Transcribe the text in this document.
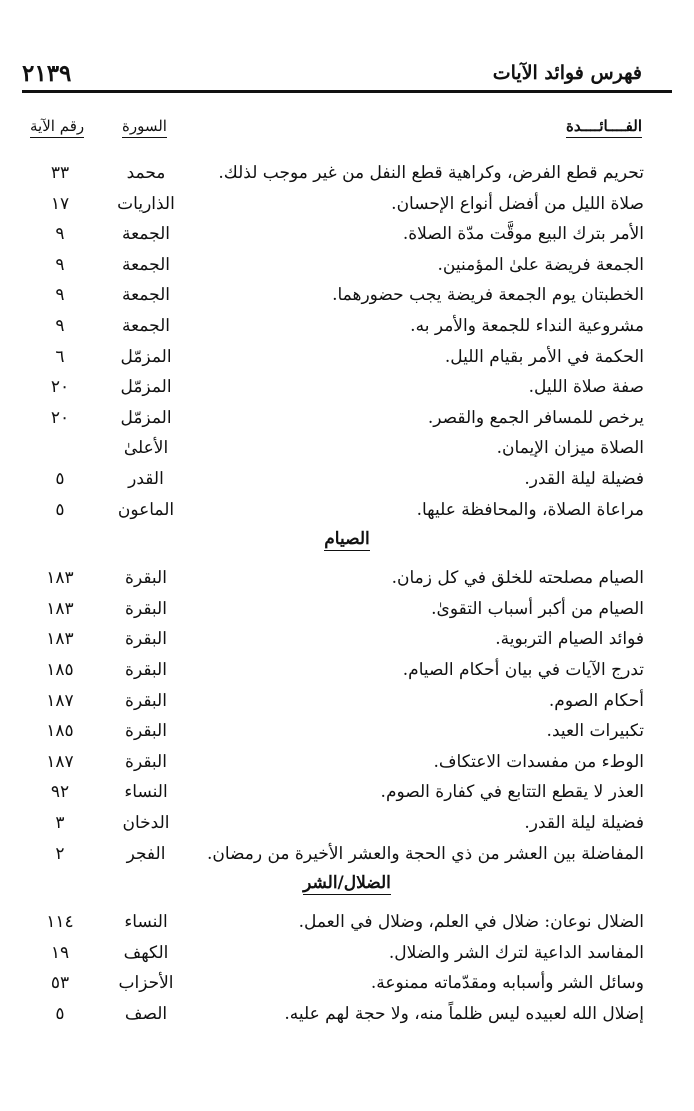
فهرس فوائد الآيات
٢١٣٩
الفــــائــــدة
السورة
رقم الآية
تحريم قطع الفرض، وكراهية قطع النفل من غير موجب لذلك.
محمد
٣٣
صلاة الليل من أفضل أنواع الإحسان.
الذاريات
١٧
الأمر بترك البيع موقَّت مدّة الصلاة.
الجمعة
٩
الجمعة فريضة علىٰ المؤمنين.
الجمعة
٩
الخطبتان يوم الجمعة فريضة يجب حضورهما.
الجمعة
٩
مشروعية النداء للجمعة والأمر به.
الجمعة
٩
الحكمة في الأمر بقيام الليل.
المزمّل
٦
صفة صلاة الليل.
المزمّل
٢٠
يرخص للمسافر الجمع والقصر.
المزمّل
٢٠
الصلاة ميزان الإيمان.
الأعلىٰ
فضيلة ليلة القدر.
القدر
٥
مراعاة الصلاة، والمحافظة عليها.
الماعون
٥
الصيام
الصيام مصلحته للخلق في كل زمان.
البقرة
١٨٣
الصيام من أكبر أسباب التقوىٰ.
البقرة
١٨٣
فوائد الصيام التربوية.
البقرة
١٨٣
تدرج الآيات في بيان أحكام الصيام.
البقرة
١٨٥
أحكام الصوم.
البقرة
١٨٧
تكبيرات العيد.
البقرة
١٨٥
الوطء من مفسدات الاعتكاف.
البقرة
١٨٧
العذر لا يقطع التتابع في كفارة الصوم.
النساء
٩٢
فضيلة ليلة القدر.
الدخان
٣
المفاضلة بين العشر من ذي الحجة والعشر الأخيرة من رمضان.
الفجر
٢
الضلال/الشر
الضلال نوعان: ضلال في العلم، وضلال في العمل.
النساء
١١٤
المفاسد الداعية لترك الشر والضلال.
الكهف
١٩
وسائل الشر وأسبابه ومقدّماته ممنوعة.
الأحزاب
٥٣
إضلال الله لعبيده ليس ظلماً منه، ولا حجة لهم عليه.
الصف
٥
